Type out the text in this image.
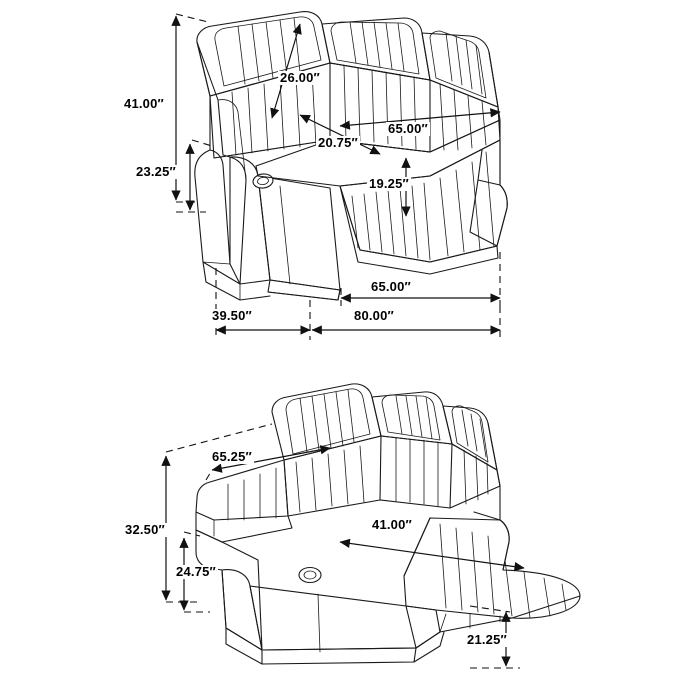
41.00″
26.00″
20.75″
65.00″
19.25″
23.25″
65.00″
39.50″	80.00″
65.25″
41.00″
32.50″
24.75″
21.25″
